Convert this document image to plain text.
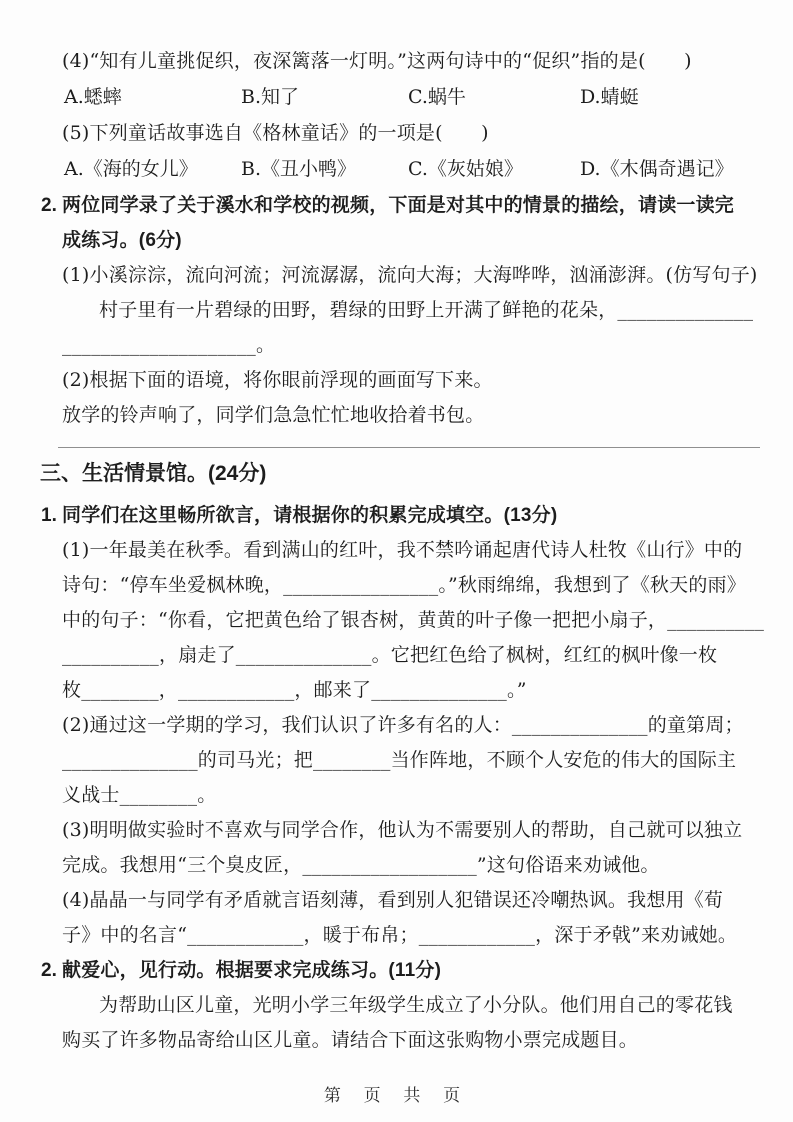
(4)“知有儿童挑促织，夜深篱落一灯明。”这两句诗中的“促织”指的是(　　)
A.蟋蟀	B.知了	C.蜗牛	D.蜻蜓
(5)下列童话故事选自《格林童话》的一项是(　　)
A.《海的女儿》 B.《丑小鸭》	C.《灰姑娘》	D.《木偶奇遇记》
2. 两位同学录了关于溪水和学校的视频，下面是对其中的情景的描绘，请读一读完
成练习。(6分)
(1)小溪淙淙，流向河流；河流潺潺，流向大海；大海哗哗，汹涌澎湃。(仿写句子)
村子里有一片碧绿的田野，碧绿的田野上开满了鲜艳的花朵，______________
____________________。
(2)根据下面的语境，将你眼前浮现的画面写下来。
放学的铃声响了，同学们急急忙忙地收拾着书包。
三、生活情景馆。(24分)
1. 同学们在这里畅所欲言，请根据你的积累完成填空。(13分)
(1)一年最美在秋季。看到满山的红叶，我不禁吟诵起唐代诗人杜牧《山行》中的
诗句：“停车坐爱枫林晚，________________。”秋雨绵绵，我想到了《秋天的雨》
中的句子：“你看，它把黄色给了银杏树，黄黄的叶子像一把把小扇子，__________
__________，扇走了______________。它把红色给了枫树，红红的枫叶像一枚
枚________，____________，邮来了______________。”
(2)通过这一学期的学习，我们认识了许多有名的人：______________的童第周；
______________的司马光；把________当作阵地，不顾个人安危的伟大的国际主
义战士________。
(3)明明做实验时不喜欢与同学合作，他认为不需要别人的帮助，自己就可以独立
完成。我想用“三个臭皮匠，__________________”这句俗语来劝诫他。
(4)晶晶一与同学有矛盾就言语刻薄，看到别人犯错误还冷嘲热讽。我想用《荀
子》中的名言“____________，暖于布帛；____________，深于矛戟”来劝诫她。
2. 献爱心，见行动。根据要求完成练习。(11分)
为帮助山区儿童，光明小学三年级学生成立了小分队。他们用自己的零花钱
购买了许多物品寄给山区儿童。请结合下面这张购物小票完成题目。
第 页 共 页
